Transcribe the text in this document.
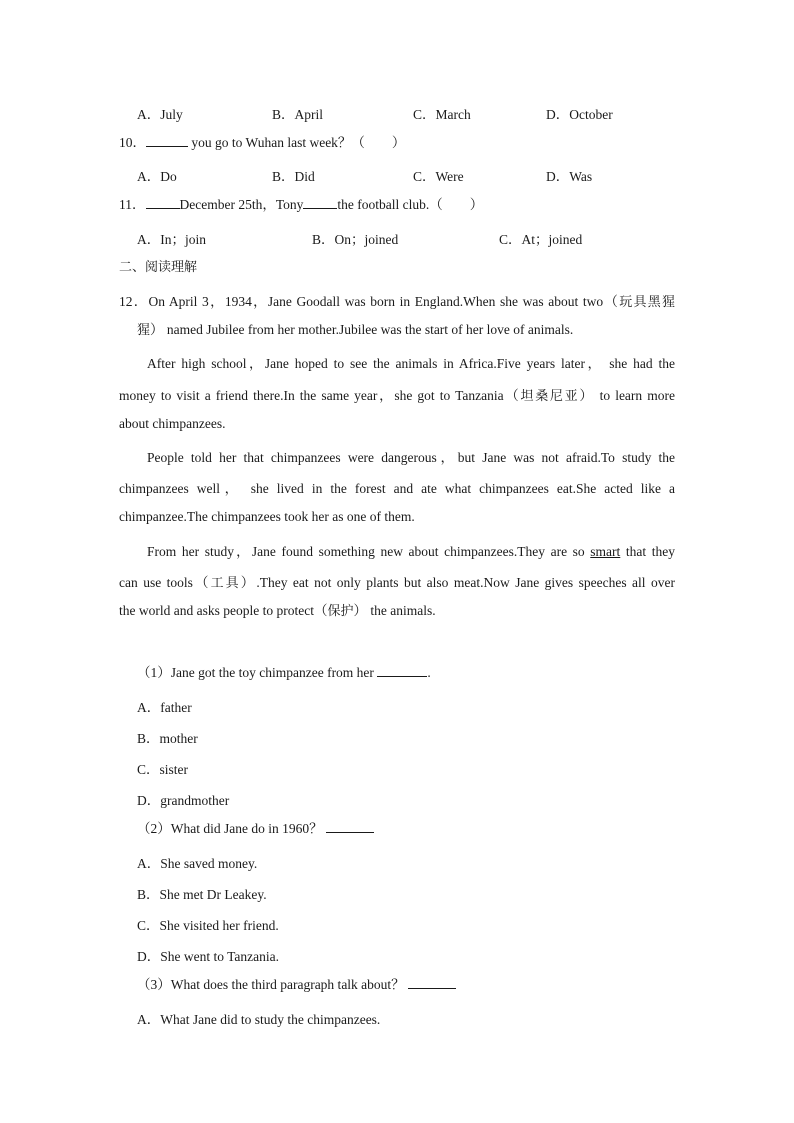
A．July	B．April	C．March	D．October
10．	you go to Wuhan last week？（　　）
A．Do	B．Did	C．Were	D．Was
11．	December 25th，Tony	the football club.（　　）
A．In；join	B．On；joined	C．At；joined
二、阅读理解
12．On April 3，1934，Jane Goodall was born in England.When she was about two（玩具黑猩
猩） named Jubilee from her mother.Jubilee was the start of her love of animals.
After high school，Jane hoped to see the animals in Africa.Five years later， she had the
money to visit a friend there.In the same year，she got to Tanzania（坦桑尼亚） to learn more
about chimpanzees.
People told her that chimpanzees were dangerous，but Jane was not afraid.To study the
chimpanzees well， she lived in the forest and ate what chimpanzees eat.She acted like a
chimpanzee.The chimpanzees took her as one of them.
From her study，Jane found something new about chimpanzees.They are so smart that they
can use tools（工具）.They eat not only plants but also meat.Now Jane gives speeches all over
the world and asks people to protect（保护） the animals.
（1）Jane got the toy chimpanzee from her	.
A．father
B．mother
C．sister
D．grandmother
（2）What did Jane do in 1960？
A．She saved money.
B．She met Dr Leakey.
C．She visited her friend.
D．She went to Tanzania.
（3）What does the third paragraph talk about？
A．What Jane did to study the chimpanzees.
